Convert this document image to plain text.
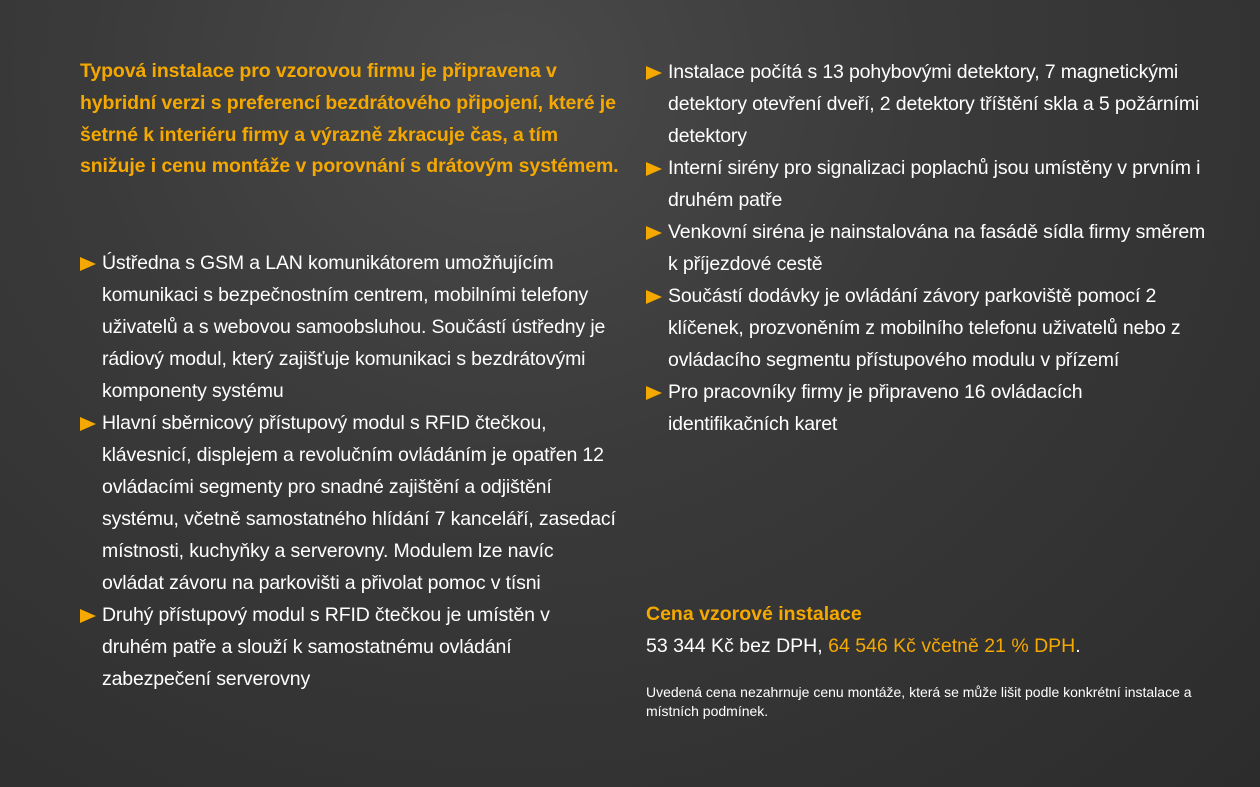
Typová instalace pro vzorovou firmu je připravena v hybridní verzi s preferencí bezdrátového připojení, které je šetrné k interiéru firmy a výrazně zkracuje čas, a tím snižuje i cenu montáže v porovnání s drátovým systémem.

Ústředna s GSM a LAN komunikátorem umožňujícím komunikaci s bezpečnostním centrem, mobilními telefony uživatelů a s webovou samoobsluhou. Součástí ústředny je rádiový modul, který zajišťuje komunikaci s bezdrátovými komponenty systému
Hlavní sběrnicový přístupový modul s RFID čtečkou, klávesnicí, displejem a revolučním ovládáním je opatřen 12 ovládacími segmenty pro snadné zajištění a odjištění systému, včetně samostatného hlídání 7 kanceláří, zasedací místnosti, kuchyňky a serverovny. Modulem lze navíc ovládat závoru na parkovišti a přivolat pomoc v tísni
Druhý přístupový modul s RFID čtečkou je umístěn v druhém patře a slouží k samostatnému ovládání zabezpečení serverovny
Instalace počítá s 13 pohybovými detektory, 7 magnetickými detektory otevření dveří, 2 detektory tříštění skla a 5 požárními detektory
Interní sirény pro signalizaci poplachů jsou umístěny v prvním i druhém patře
Venkovní siréna je nainstalována na fasádě sídla firmy směrem k příjezdové cestě
Součástí dodávky je ovládání závory parkoviště pomocí 2 klíčenek, prozvoněním z mobilního telefonu uživatelů nebo z ovládacího segmentu přístupového modulu v přízemí
Pro pracovníky firmy je připraveno 16 ovládacích identifikačních karet

Cena vzorové instalace

53 344 Kč bez DPH, 64 546 Kč včetně 21 % DPH.

Uvedená cena nezahrnuje cenu montáže, která se může lišit podle konkrétní instalace a místních podmínek.
